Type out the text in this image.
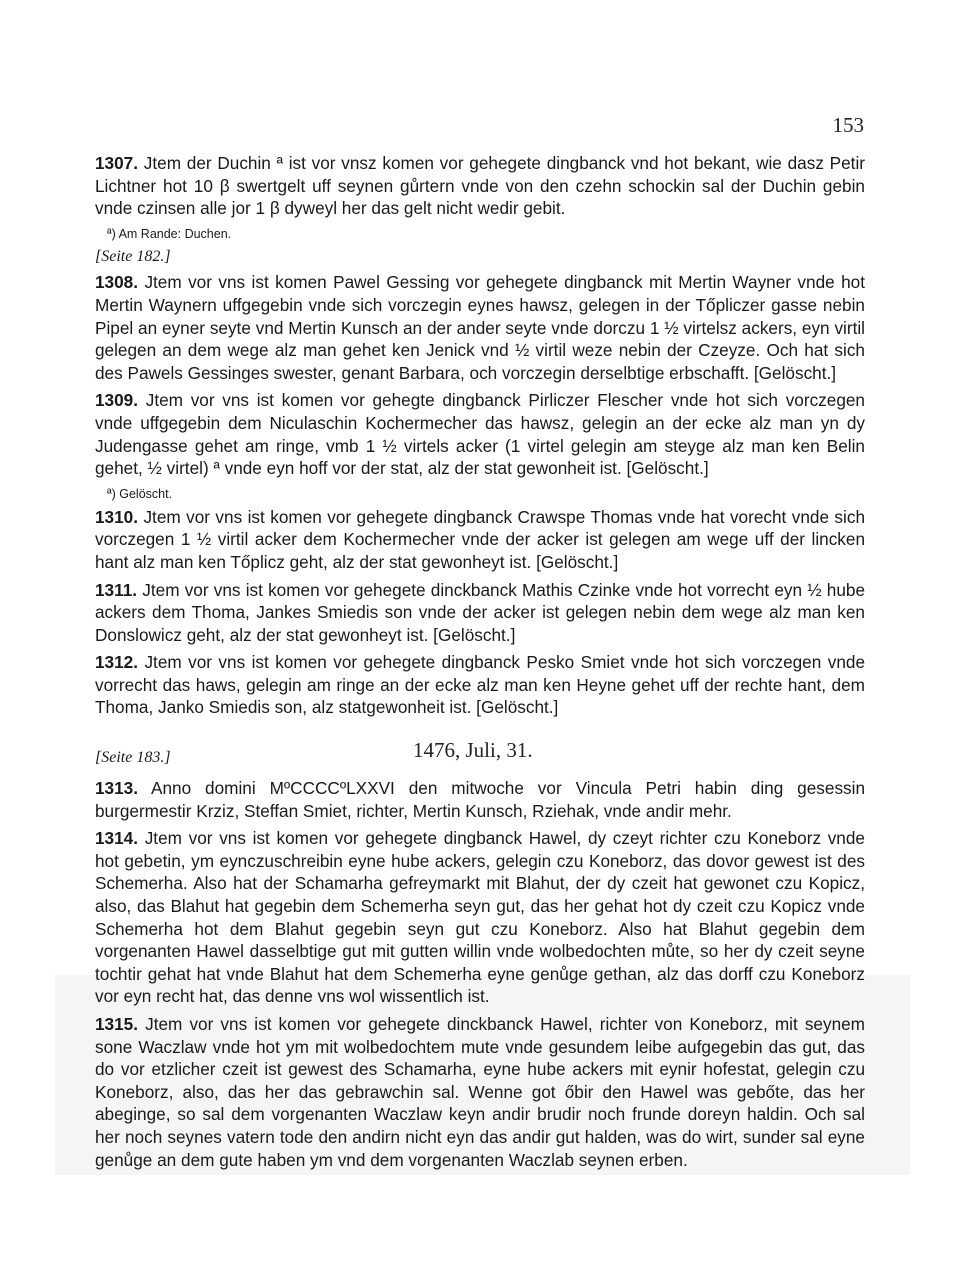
153

1307. Jtem der Duchin ª ist vor vnsz komen vor gehegete dingbanck vnd hot bekant, wie dasz Petir Lichtner hot 10 β swertgelt uff seynen gůrtern vnde von den czehn schockin sal der Duchin gebin vnde czinsen alle jor 1 β dyweyl her das gelt nicht wedir gebit.

ª) Am Rande: Duchen.
[Seite 182.]

1308. Jtem vor vns ist komen Pawel Gessing vor gehegete dingbanck mit Mertin Wayner vnde hot Mertin Waynern uffgegebin vnde sich vorczegin eynes hawsz, gelegen in der Tőpliczer gasse nebin Pipel an eyner seyte vnd Mertin Kunsch an der ander seyte vnde dorczu 1 ½ virtelsz ackers, eyn virtil gelegen an dem wege alz man gehet ken Jenick vnd ½ virtil weze nebin der Czeyze. Och hat sich des Pawels Gessinges swester, genant Barbara, och vorczegin derselbtige erbschafft. [Gelöscht.]

1309. Jtem vor vns ist komen vor gehegte dingbanck Pirliczer Flescher vnde hot sich vorczegen vnde uffgegebin dem Niculaschin Kochermecher das hawsz, gelegin an der ecke alz man yn dy Judengasse gehet am ringe, vmb 1 ½ virtels acker (1 virtel gelegin am steyge alz man ken Belin gehet, ½ virtel) ª vnde eyn hoff vor der stat, alz der stat gewonheit ist. [Gelöscht.]

ª) Gelöscht.

1310. Jtem vor vns ist komen vor gehegete dingbanck Crawspe Thomas vnde hat vorecht vnde sich vorczegen 1 ½ virtil acker dem Kochermecher vnde der acker ist gelegen am wege uff der lincken hant alz man ken Tőplicz geht, alz der stat gewonheyt ist. [Gelöscht.]

1311. Jtem vor vns ist komen vor gehegete dinckbanck Mathis Czinke vnde hot vorrecht eyn ½ hube ackers dem Thoma, Jankes Smiedis son vnde der acker ist gelegen nebin dem wege alz man ken Donslowicz geht, alz der stat gewonheyt ist. [Gelöscht.]

1312. Jtem vor vns ist komen vor gehegete dingbanck Pesko Smiet vnde hot sich vorczegen vnde vorrecht das haws, gelegin am ringe an der ecke alz man ken Heyne gehet uff der rechte hant, dem Thoma, Janko Smiedis son, alz statgewonheit ist. [Gelöscht.]

[Seite 183.]	1476, Juli, 31.

1313. Anno domini MºCCCCºLXXVI den mitwoche vor Vincula Petri habin ding gesessin burgermestir Krziz, Steffan Smiet, richter, Mertin Kunsch, Rziehak, vnde andir mehr.

1314. Jtem vor vns ist komen vor gehegete dingbanck Hawel, dy czeyt richter czu Koneborz vnde hot gebetin, ym eynczuschreibin eyne hube ackers, gelegin czu Koneborz, das dovor gewest ist des Schemerha. Also hat der Schamarha gefreymarkt mit Blahut, der dy czeit hat gewonet czu Kopicz, also, das Blahut hat gegebin dem Schemerha seyn gut, das her gehat hot dy czeit czu Kopicz vnde Schemerha hot dem Blahut gegebin seyn gut czu Koneborz. Also hat Blahut gegebin dem vorgenanten Hawel dasselbtige gut mit gutten willin vnde wolbedochten můte, so her dy czeit seyne tochtir gehat hat vnde Blahut hat dem Schemerha eyne genůge gethan, alz das dorff czu Koneborz vor eyn recht hat, das denne vns wol wissentlich ist.

1315. Jtem vor vns ist komen vor gehegete dinckbanck Hawel, richter von Koneborz, mit seynem sone Waczlaw vnde hot ym mit wolbedochtem mute vnde gesundem leibe aufgegebin das gut, das do vor etzlicher czeit ist gewest des Schamarha, eyne hube ackers mit eynir hofestat, gelegin czu Koneborz, also, das her das gebrawchin sal. Wenne got őbir den Hawel was gebőte, das her abeginge, so sal dem vorgenanten Waczlaw keyn andir brudir noch frunde doreyn haldin. Och sal her noch seynes vatern tode den andirn nicht eyn das andir gut halden, was do wirt, sunder sal eyne genůge an dem gute haben ym vnd dem vorgenanten Waczlab seynen erben.
